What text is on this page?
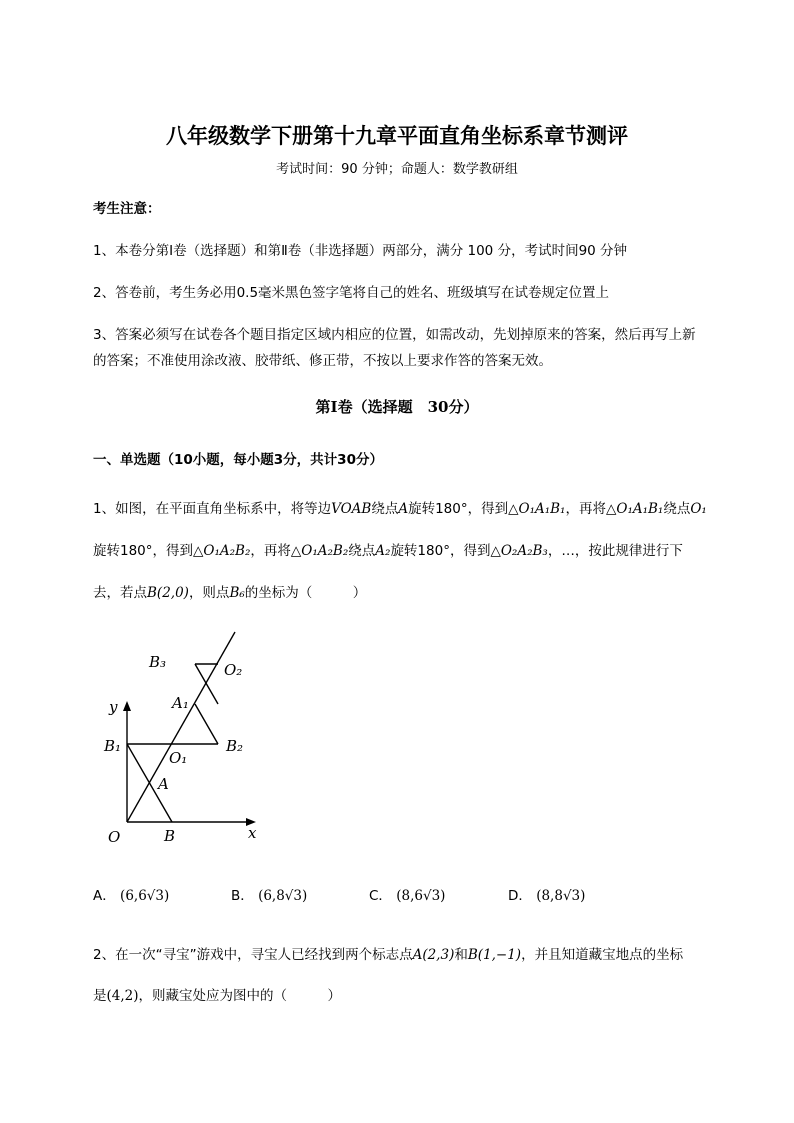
八年级数学下册第十九章平面直角坐标系章节测评
考试时间：90 分钟；命题人：数学教研组
考生注意：
1、本卷分第Ⅰ卷（选择题）和第Ⅱ卷（非选择题）两部分，满分 100 分，考试时间90 分钟
2、答卷前，考生务必用0.5毫米黑色签字笔将自己的姓名、班级填写在试卷规定位置上
3、答案必须写在试卷各个题目指定区域内相应的位置，如需改动，先划掉原来的答案，然后再写上新
的答案；不准使用涂改液、胶带纸、修正带，不按以上要求作答的答案无效。
第Ⅰ卷（选择题　30分）
一、单选题（10小题，每小题3分，共计30分）
1、如图，在平面直角坐标系中，将等边VOAB绕点A旋转180°，得到△O₁A₁B₁，再将△O₁A₁B₁绕点O₁
旋转180°，得到△O₁A₂B₂，再将△O₁A₂B₂绕点A₂旋转180°，得到△O₂A₂B₃，…，按此规律进行下
去，若点B(2,0)，则点B₆的坐标为（　　　）
B₃	O₂
A₁
y
B₁
O₁
B₂
A
O	B	x
A． (6,6√3)	B． (6,8√3)	C． (8,6√3)	D． (8,8√3)
2、在一次“寻宝”游戏中，寻宝人已经找到两个标志点A(2,3)和B(1,−1)，并且知道藏宝地点的坐标
是(4,2)，则藏宝处应为图中的（　　　）
